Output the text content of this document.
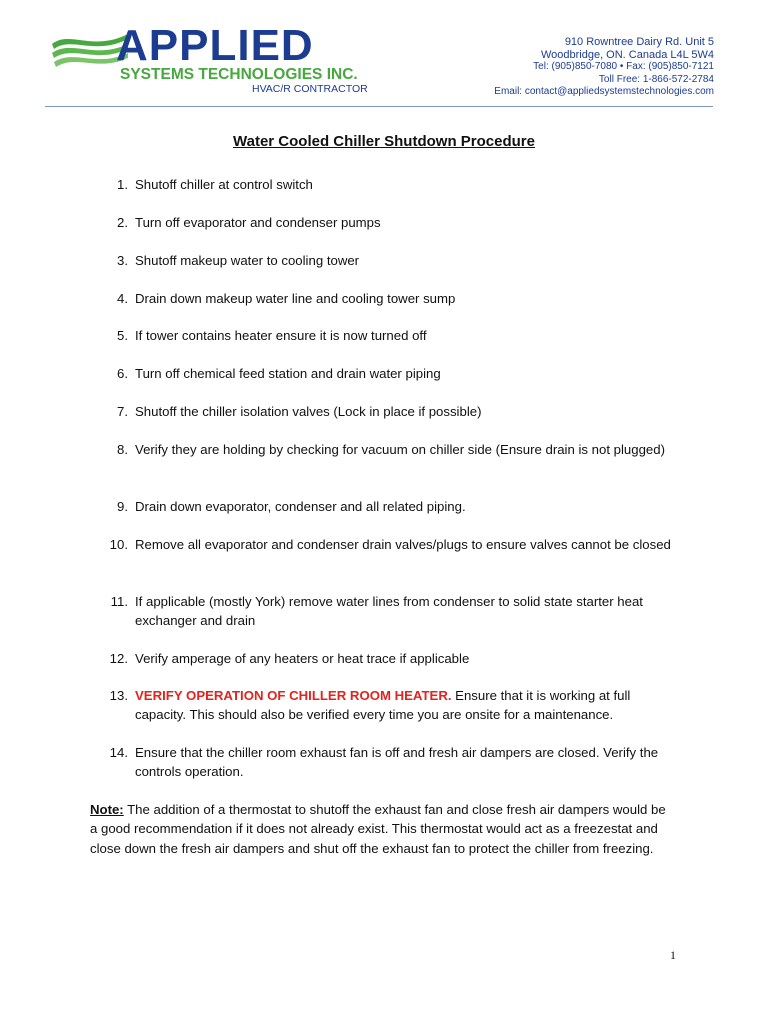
APPLIED
SYSTEMS TECHNOLOGIES INC.
HVAC/R CONTRACTOR
910 Rowntree Dairy Rd. Unit 5
Woodbridge, ON. Canada L4L 5W4
Tel: (905)850-7080 • Fax: (905)850-7121
Toll Free: 1-866-572-2784
Email: contact@appliedsystemstechnologies.com
Water Cooled Chiller Shutdown Procedure
1. Shutoff chiller at control switch
2. Turn off evaporator and condenser pumps
3. Shutoff makeup water to cooling tower
4. Drain down makeup water line and cooling tower sump
5. If tower contains heater ensure it is now turned off
6. Turn off chemical feed station and drain water piping
7. Shutoff the chiller isolation valves (Lock in place if possible)
8. Verify they are holding by checking for vacuum on chiller side (Ensure drain is not plugged)
9. Drain down evaporator, condenser and all related piping.
10. Remove all evaporator and condenser drain valves/plugs to ensure valves cannot be closed
11. If applicable (mostly York) remove water lines from condenser to solid state starter heat exchanger and drain
12. Verify amperage of any heaters or heat trace if applicable
13. VERIFY OPERATION OF CHILLER ROOM HEATER. Ensure that it is working at full capacity. This should also be verified every time you are onsite for a maintenance.
14. Ensure that the chiller room exhaust fan is off and fresh air dampers are closed. Verify the controls operation.
Note: The addition of a thermostat to shutoff the exhaust fan and close fresh air dampers would be a good recommendation if it does not already exist. This thermostat would act as a freezestat and close down the fresh air dampers and shut off the exhaust fan to protect the chiller from freezing.
1
